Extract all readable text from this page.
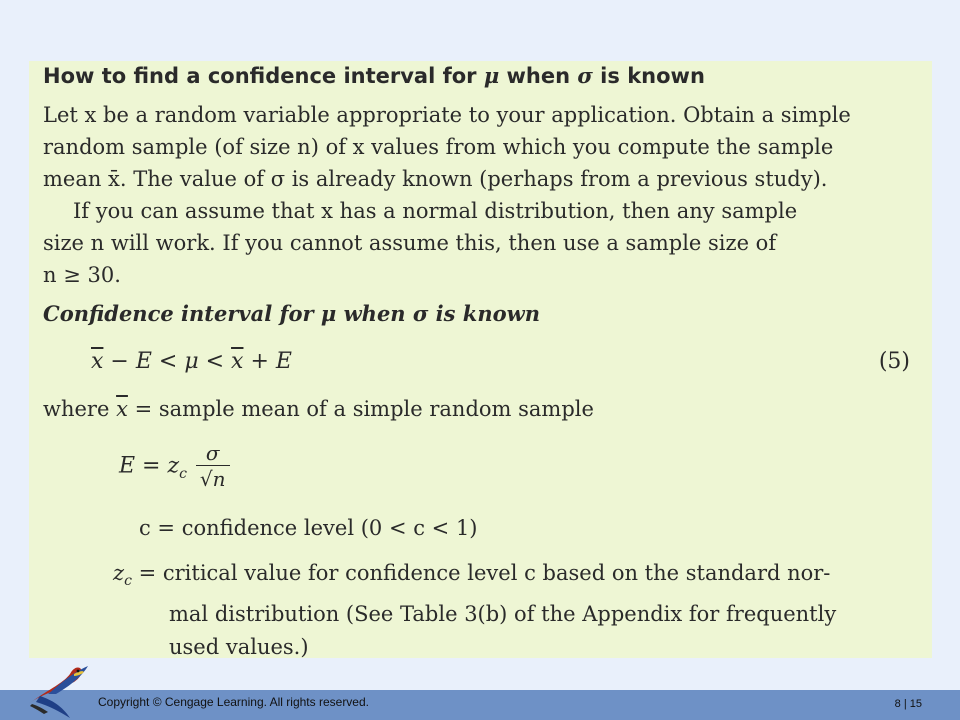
How to find a confidence interval for μ when σ is known
Let x be a random variable appropriate to your application. Obtain a simple
random sample (of size n) of x values from which you compute the sample
mean x̄. The value of σ is already known (perhaps from a previous study).
If you can assume that x has a normal distribution, then any sample
size n will work. If you cannot assume this, then use a sample size of
n ≥ 30.
Confidence interval for μ when σ is known
$\overline{x} - E < \mu < \overline{x} + E$	(5)
where $\overline{x}$ = sample mean of a simple random sample
$E = z_c \frac{\sigma}{√n}$
c = confidence level (0 < c < 1)
$z_c$ = critical value for confidence level c based on the standard nor-
mal distribution (See Table 3(b) of the Appendix for frequently
used values.)
Copyright © Cengage Learning. All rights reserved.	8 | 15
